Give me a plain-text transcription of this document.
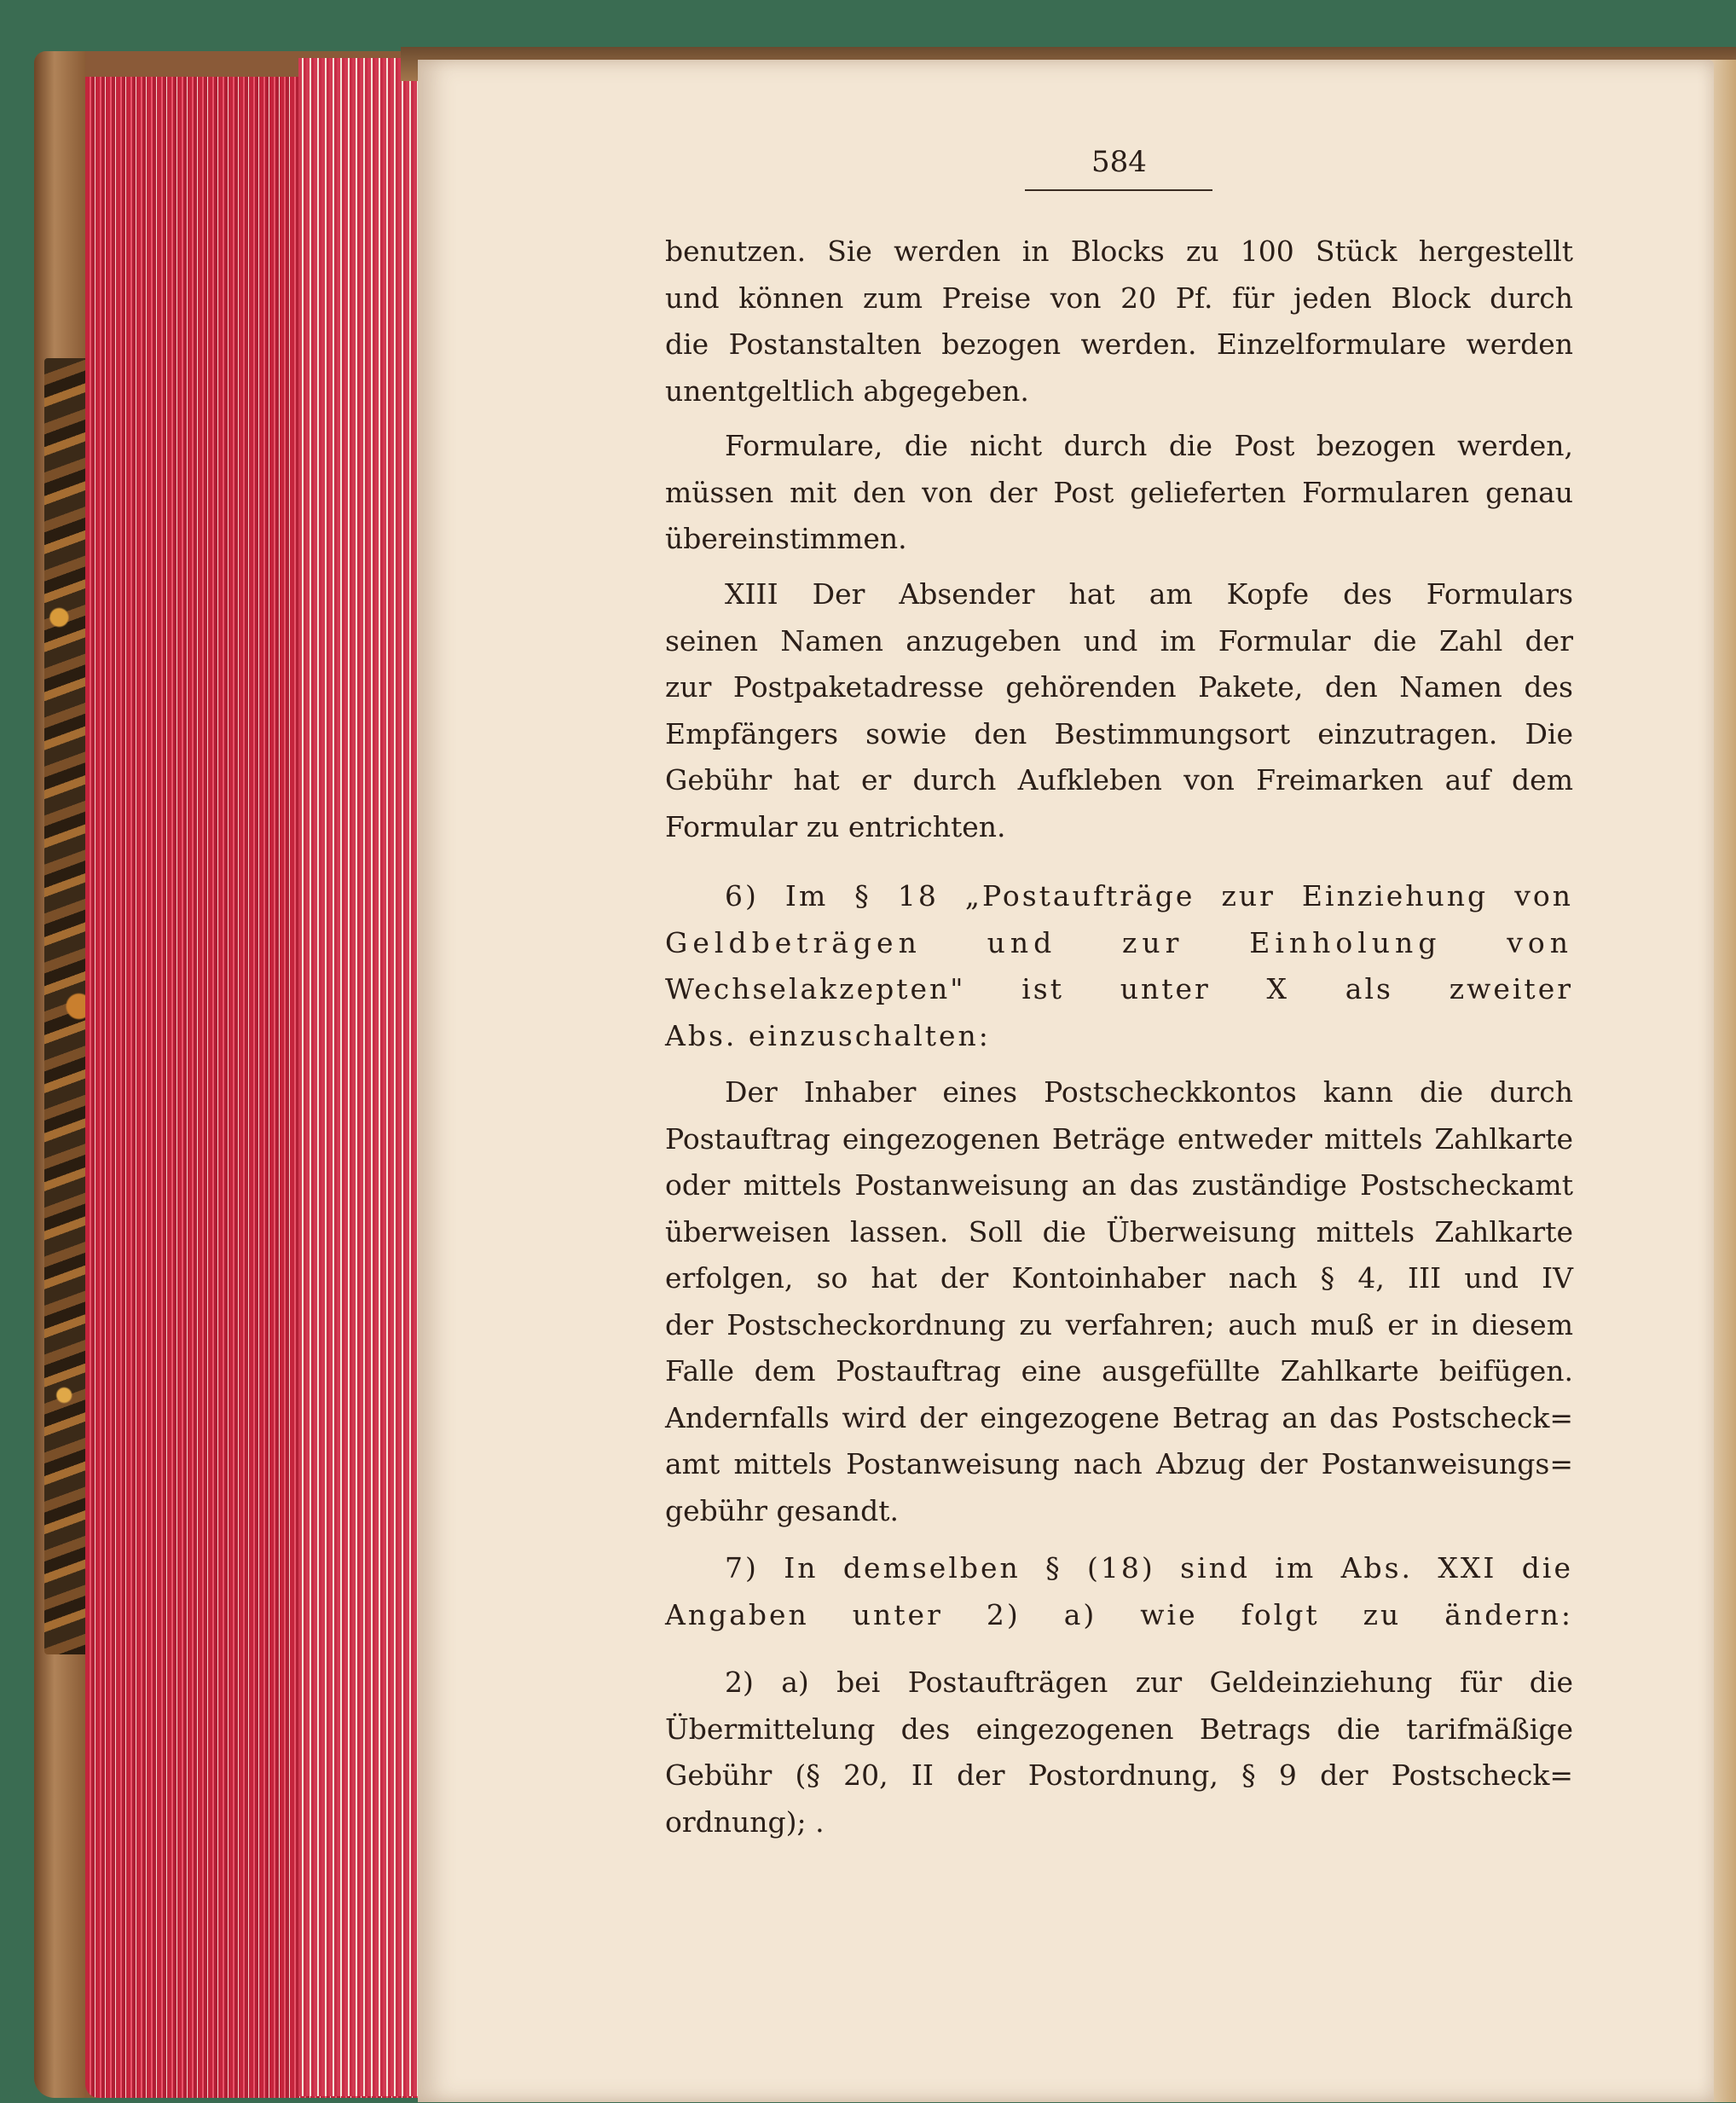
584
benutzen. Sie werden in Blocks zu 100 Stück hergestellt
und können zum Preise von 20 Pf. für jeden Block durch
die Postanstalten bezogen werden. Einzelformulare werden
unentgeltlich abgegeben.
Formulare, die nicht durch die Post bezogen werden,
müssen mit den von der Post gelieferten Formularen genau
übereinstimmen.
XIII Der Absender hat am Kopfe des Formulars
seinen Namen anzugeben und im Formular die Zahl der
zur Postpaketadresse gehörenden Pakete, den Namen des
Empfängers sowie den Bestimmungsort einzutragen. Die
Gebühr hat er durch Aufkleben von Freimarken auf dem
Formular zu entrichten.
6) Im § 18 „Postaufträge zur Einziehung von
Geldbeträgen und zur Einholung von
Wechselakzepten" ist unter X als zweiter
Abs. einzuschalten:
Der Inhaber eines Postscheckkontos kann die durch
Postauftrag eingezogenen Beträge entweder mittels Zahlkarte
oder mittels Postanweisung an das zuständige Postscheckamt
überweisen lassen. Soll die Überweisung mittels Zahlkarte
erfolgen, so hat der Kontoinhaber nach § 4, III und IV
der Postscheckordnung zu verfahren; auch muß er in diesem
Falle dem Postauftrag eine ausgefüllte Zahlkarte beifügen.
Andernfalls wird der eingezogene Betrag an das Postscheck=
amt mittels Postanweisung nach Abzug der Postanweisungs=
gebühr gesandt.
7) In demselben § (18) sind im Abs. XXI die
Angaben unter 2) a) wie folgt zu ändern:
2) a) bei Postaufträgen zur Geldeinziehung für die
Übermittelung des eingezogenen Betrags die tarifmäßige
Gebühr (§ 20, II der Postordnung, § 9 der Postscheck=
ordnung); .
